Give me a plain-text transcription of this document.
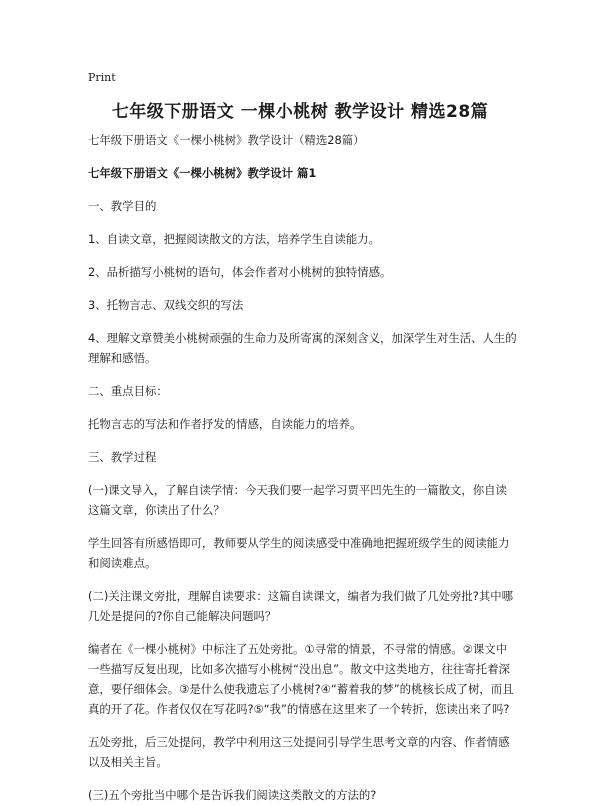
Print
七年级下册语文 一棵小桃树 教学设计 精选28篇

七年级下册语文《一棵小桃树》教学设计（精选28篇）

七年级下册语文《一棵小桃树》教学设计 篇1

一、教学目的

1、自读文章，把握阅读散文的方法，培养学生自读能力。

2、品析描写小桃树的语句，体会作者对小桃树的独特情感。

3、托物言志、双线交织的写法

4、理解文章赞美小桃树顽强的生命力及所寄寓的深刻含义，加深学生对生活、人生的理解和感悟。

二、重点目标：

托物言志的写法和作者抒发的情感，自读能力的培养。

三、教学过程

(一)课文导入，了解自读学情：今天我们要一起学习贾平凹先生的一篇散文，你自读这篇文章，你读出了什么？

学生回答有所感悟即可，教师要从学生的阅读感受中准确地把握班级学生的阅读能力和阅读难点。

(二)关注课文旁批，理解自读要求：这篇自读课文，编者为我们做了几处旁批?其中哪几处是提问的?你自己能解决问题吗？

编者在《一棵小桃树》中标注了五处旁批。①寻常的情景，不寻常的情感。②课文中一些描写反复出现，比如多次描写小桃树“没出息”。散文中这类地方，往往寄托着深意，要仔细体会。③是什么使我遗忘了小桃树?④“蓄着我的梦”的桃核长成了树，而且真的开了花。作者仅仅在写花吗?⑤“我”的情感在这里来了一个转折，您读出来了吗?

五处旁批，后三处提问，教学中利用这三处提问引导学生思考文章的内容、作者情感以及相关主旨。

(三)五个旁批当中哪个是告诉我们阅读这类散文的方法的?
